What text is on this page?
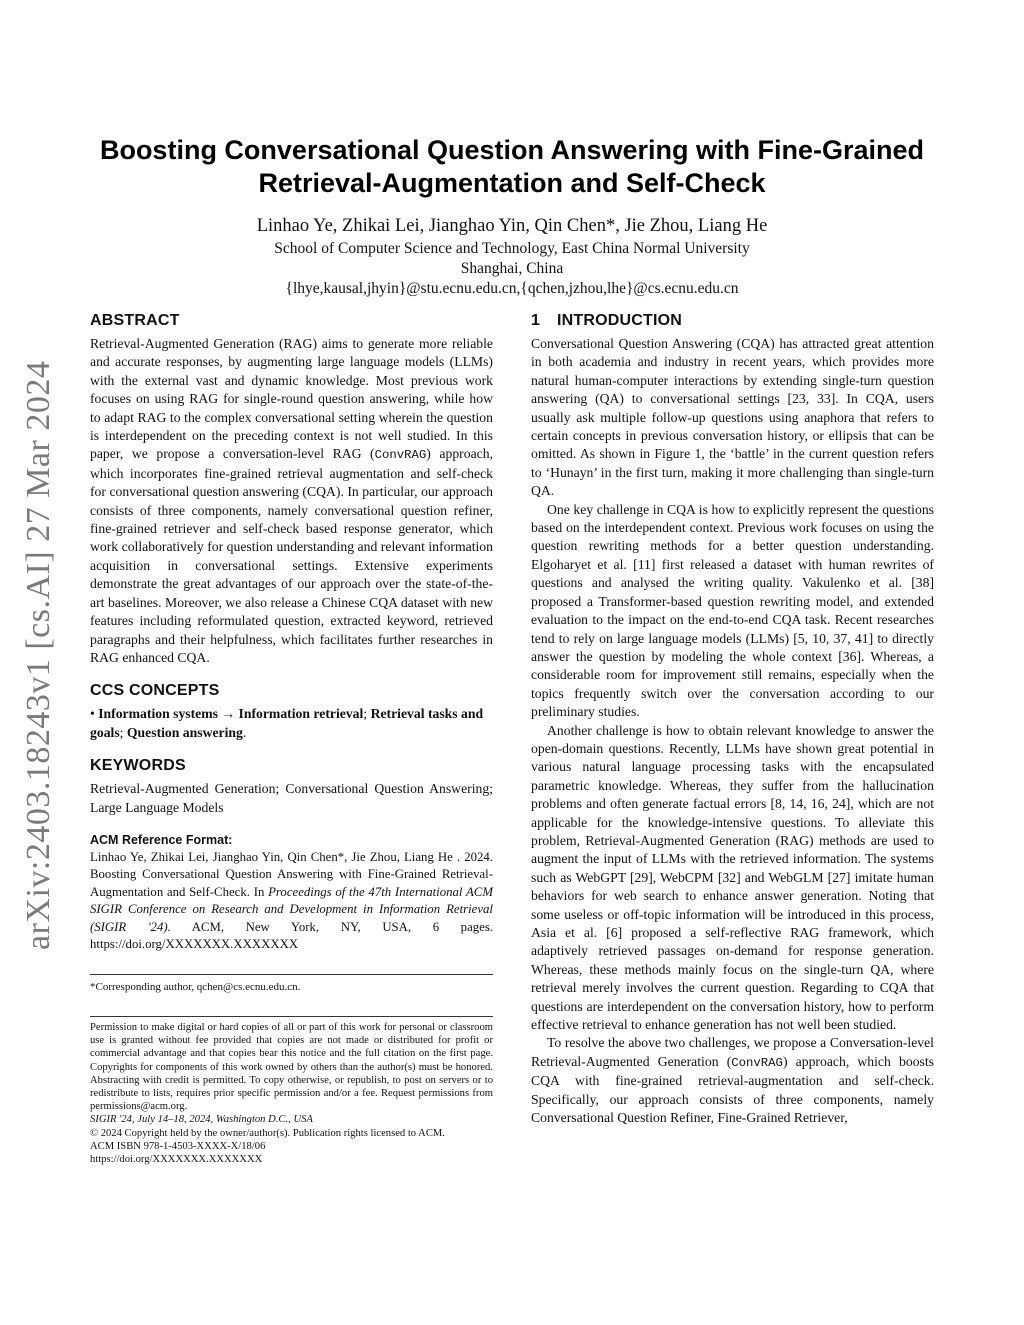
arXiv:2403.18243v1 [cs.AI] 27 Mar 2024
Boosting Conversational Question Answering with Fine-Grained
Retrieval-Augmentation and Self-Check
Linhao Ye, Zhikai Lei, Jianghao Yin, Qin Chen*, Jie Zhou, Liang He
School of Computer Science and Technology, East China Normal University
Shanghai, China
{lhye,kausal,jhyin}@stu.ecnu.edu.cn,{qchen,jzhou,lhe}@cs.ecnu.edu.cn
ABSTRACT

Retrieval-Augmented Generation (RAG) aims to generate more reliable and accurate responses, by augmenting large language models (LLMs) with the external vast and dynamic knowledge. Most previous work focuses on using RAG for single-round question answering, while how to adapt RAG to the complex conversational setting wherein the question is interdependent on the preceding context is not well studied. In this paper, we propose a conversation-level RAG (ConvRAG) approach, which incorporates fine-grained retrieval augmentation and self-check for conversational question answering (CQA). In particular, our approach consists of three components, namely conversational question refiner, fine-grained retriever and self-check based response generator, which work collaboratively for question understanding and relevant information acquisition in conversational settings. Extensive experiments demonstrate the great advantages of our approach over the state-of-the-art baselines. Moreover, we also release a Chinese CQA dataset with new features including reformulated question, extracted keyword, retrieved paragraphs and their helpfulness, which facilitates further researches in RAG enhanced CQA.

CCS CONCEPTS

• Information systems → Information retrieval; Retrieval tasks and goals; Question answering.

KEYWORDS

Retrieval-Augmented Generation; Conversational Question Answering; Large Language Models

ACM Reference Format:

Linhao Ye, Zhikai Lei, Jianghao Yin, Qin Chen*, Jie Zhou, Liang He . 2024. Boosting Conversational Question Answering with Fine-Grained Retrieval-Augmentation and Self-Check. In Proceedings of the 47th International ACM SIGIR Conference on Research and Development in Information Retrieval (SIGIR '24). ACM, New York, NY, USA, 6 pages. https://doi.org/XXXXXXX.XXXXXXX

*Corresponding author, qchen@cs.ecnu.edu.cn.

Permission to make digital or hard copies of all or part of this work for personal or classroom use is granted without fee provided that copies are not made or distributed for profit or commercial advantage and that copies bear this notice and the full citation on the first page. Copyrights for components of this work owned by others than the author(s) must be honored. Abstracting with credit is permitted. To copy otherwise, or republish, to post on servers or to redistribute to lists, requires prior specific permission and/or a fee. Request permissions from permissions@acm.org.

SIGIR '24, July 14–18, 2024, Washington D.C., USA

© 2024 Copyright held by the owner/author(s). Publication rights licensed to ACM.

ACM ISBN 978-1-4503-XXXX-X/18/06

https://doi.org/XXXXXXX.XXXXXXX

1 INTRODUCTION

Conversational Question Answering (CQA) has attracted great attention in both academia and industry in recent years, which provides more natural human-computer interactions by extending single-turn question answering (QA) to conversational settings [23, 33]. In CQA, users usually ask multiple follow-up questions using anaphora that refers to certain concepts in previous conversation history, or ellipsis that can be omitted. As shown in Figure 1, the ‘battle’ in the current question refers to ‘Hunayn’ in the first turn, making it more challenging than single-turn QA.

One key challenge in CQA is how to explicitly represent the questions based on the interdependent context. Previous work focuses on using the question rewriting methods for a better question understanding. Elgoharyet et al. [11] first released a dataset with human rewrites of questions and analysed the writing quality. Vakulenko et al. [38] proposed a Transformer-based question rewriting model, and extended evaluation to the impact on the end-to-end CQA task. Recent researches tend to rely on large language models (LLMs) [5, 10, 37, 41] to directly answer the question by modeling the whole context [36]. Whereas, a considerable room for improvement still remains, especially when the topics frequently switch over the conversation according to our preliminary studies.

Another challenge is how to obtain relevant knowledge to answer the open-domain questions. Recently, LLMs have shown great potential in various natural language processing tasks with the encapsulated parametric knowledge. Whereas, they suffer from the hallucination problems and often generate factual errors [8, 14, 16, 24], which are not applicable for the knowledge-intensive questions. To alleviate this problem, Retrieval-Augmented Generation (RAG) methods are used to augment the input of LLMs with the retrieved information. The systems such as WebGPT [29], WebCPM [32] and WebGLM [27] imitate human behaviors for web search to enhance answer generation. Noting that some useless or off-topic information will be introduced in this process, Asia et al. [6] proposed a self-reflective RAG framework, which adaptively retrieved passages on-demand for response generation. Whereas, these methods mainly focus on the single-turn QA, where retrieval merely involves the current question. Regarding to CQA that questions are interdependent on the conversation history, how to perform effective retrieval to enhance generation has not well been studied.

To resolve the above two challenges, we propose a Conversation-level Retrieval-Augmented Generation (ConvRAG) approach, which boosts CQA with fine-grained retrieval-augmentation and self-check. Specifically, our approach consists of three components, namely Conversational Question Refiner, Fine-Grained Retriever,
